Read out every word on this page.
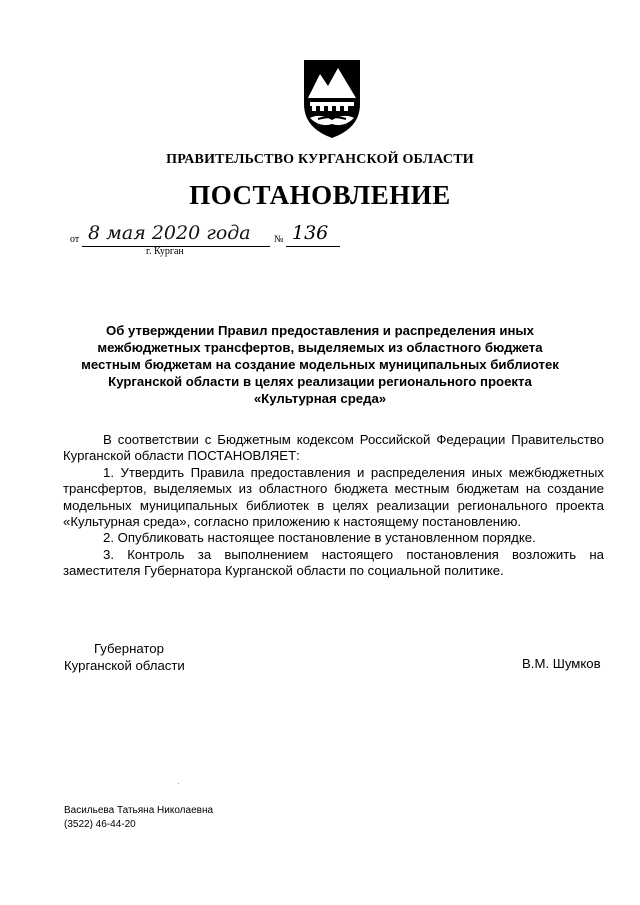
ПРАВИТЕЛЬСТВО КУРГАНСКОЙ ОБЛАСТИ
ПОСТАНОВЛЕНИЕ
от 8 мая 2020 года № 136
г. Курган
Об утверждении Правил предоставления и распределения иных
межбюджетных трансфертов, выделяемых из областного бюджета
местным бюджетам на создание модельных муниципальных библиотек
Курганской области в целях реализации регионального проекта
«Культурная среда»

В соответствии с Бюджетным кодексом Российской Федерации Правительство Курганской области ПОСТАНОВЛЯЕТ:

1. Утвердить Правила предоставления и распределения иных межбюджетных трансфертов, выделяемых из областного бюджета местным бюджетам на создание модельных муниципальных библиотек в целях реализации регионального проекта «Культурная среда», согласно приложению к настоящему постановлению.

2. Опубликовать настоящее постановление в установленном порядке.

3. Контроль за выполнением настоящего постановления возложить на заместителя Губернатора Курганской области по социальной политике.

Губернатор
Курганской области	В.М. Шумков
Васильева Татьяна Николаевна
(3522) 46-44-20
